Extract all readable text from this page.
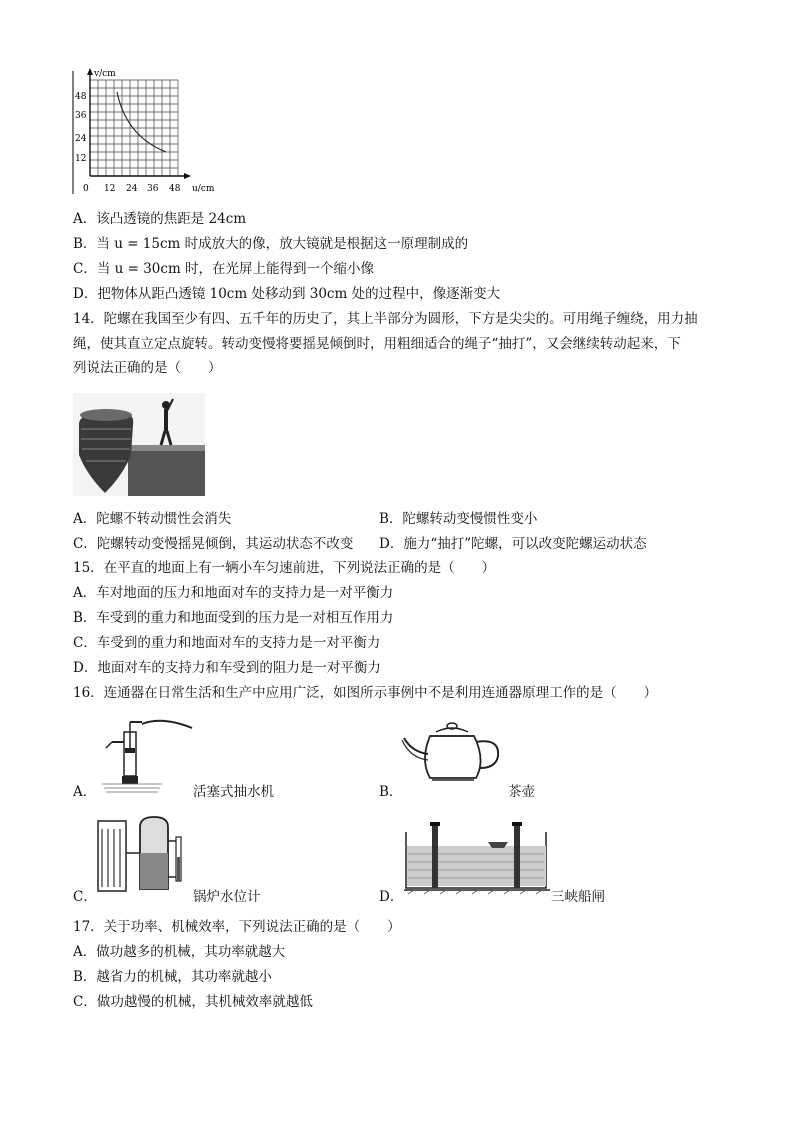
v/cm
u/cm
48
36
24
12
0 12 24 36 48
A．该凸透镜的焦距是 24cm
B．当 u = 15cm 时成放大的像，放大镜就是根据这一原理制成的
C．当 u = 30cm 时，在光屏上能得到一个缩小像
D．把物体从距凸透镜 10cm 处移动到 30cm 处的过程中，像逐渐变大
14．陀螺在我国至少有四、五千年的历史了，其上半部分为圆形，下方是尖尖的。可用绳子缠绕，用力抽
绳，使其直立定点旋转。转动变慢将要摇晃倾倒时，用粗细适合的绳子“抽打”，又会继续转动起来，下
列说法正确的是（　　）
A．陀螺不转动惯性会消失	B．陀螺转动变慢惯性变小
C．陀螺转动变慢摇晃倾倒，其运动状态不改变 D．施力“抽打”陀螺，可以改变陀螺运动状态
15．在平直的地面上有一辆小车匀速前进，下列说法正确的是（　　）
A．车对地面的压力和地面对车的支持力是一对平衡力
B．车受到的重力和地面受到的压力是一对相互作用力
C．车受到的重力和地面对车的支持力是一对平衡力
D．地面对车的支持力和车受到的阻力是一对平衡力
16．连通器在日常生活和生产中应用广泛，如图所示事例中不是利用连通器原理工作的是（　　）
A．	活塞式抽水机	B．	茶壶
C．	锅炉水位计	D．	三峡船闸
17．关于功率、机械效率，下列说法正确的是（　　）
A．做功越多的机械，其功率就越大
B．越省力的机械，其功率就越小
C．做功越慢的机械，其机械效率就越低
